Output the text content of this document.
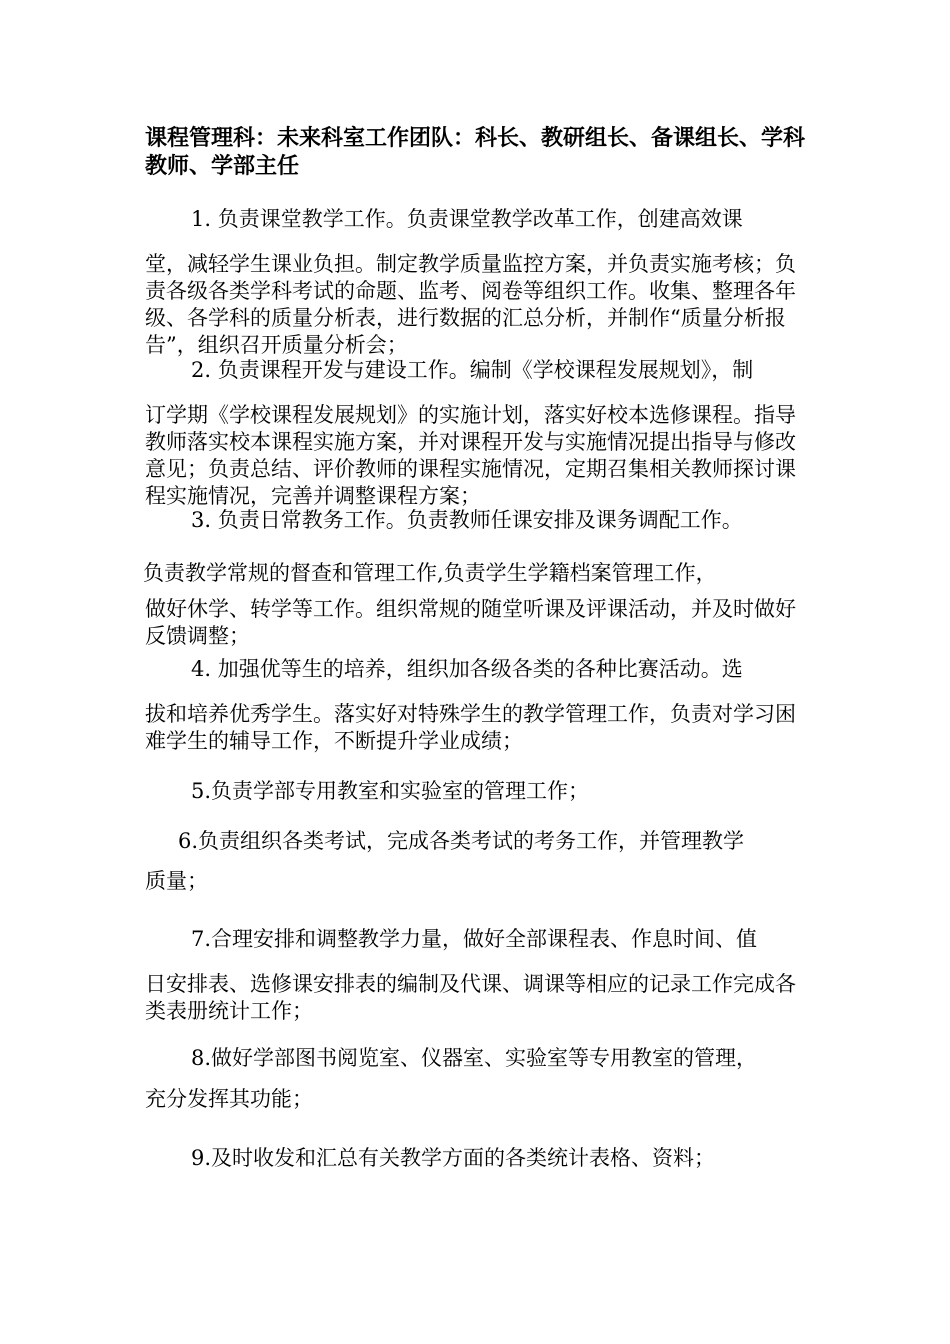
课程管理科：未来科室工作团队：科长、教研组长、备课组长、学科教师、学部主任
1. 负责课堂教学工作。负责课堂教学改革工作，创建高效课
堂，减轻学生课业负担。制定教学质量监控方案，并负责实施考核；负责各级各类学科考试的命题、监考、阅卷等组织工作。收集、整理各年级、各学科的质量分析表，进行数据的汇总分析，并制作“质量分析报告”，组织召开质量分析会；
2. 负责课程开发与建设工作。编制《学校课程发展规划》，制
订学期《学校课程发展规划》的实施计划，落实好校本选修课程。指导教师落实校本课程实施方案，并对课程开发与实施情况提出指导与修改意见；负责总结、评价教师的课程实施情况，定期召集相关教师探讨课程实施情况，完善并调整课程方案；
3. 负责日常教务工作。负责教师任课安排及课务调配工作。
负责教学常规的督查和管理工作,负责学生学籍档案管理工作，
做好休学、转学等工作。组织常规的随堂听课及评课活动，并及时做好反馈调整；
4. 加强优等生的培养，组织加各级各类的各种比赛活动。选
拔和培养优秀学生。落实好对特殊学生的教学管理工作，负责对学习困难学生的辅导工作，不断提升学业成绩；
5.负责学部专用教室和实验室的管理工作；
6.负责组织各类考试，完成各类考试的考务工作，并管理教学
质量；
7.合理安排和调整教学力量，做好全部课程表、作息时间、值
日安排表、选修课安排表的编制及代课、调课等相应的记录工作完成各类表册统计工作；
8.做好学部图书阅览室、仪器室、实验室等专用教室的管理，
充分发挥其功能；
9.及时收发和汇总有关教学方面的各类统计表格、资料；
